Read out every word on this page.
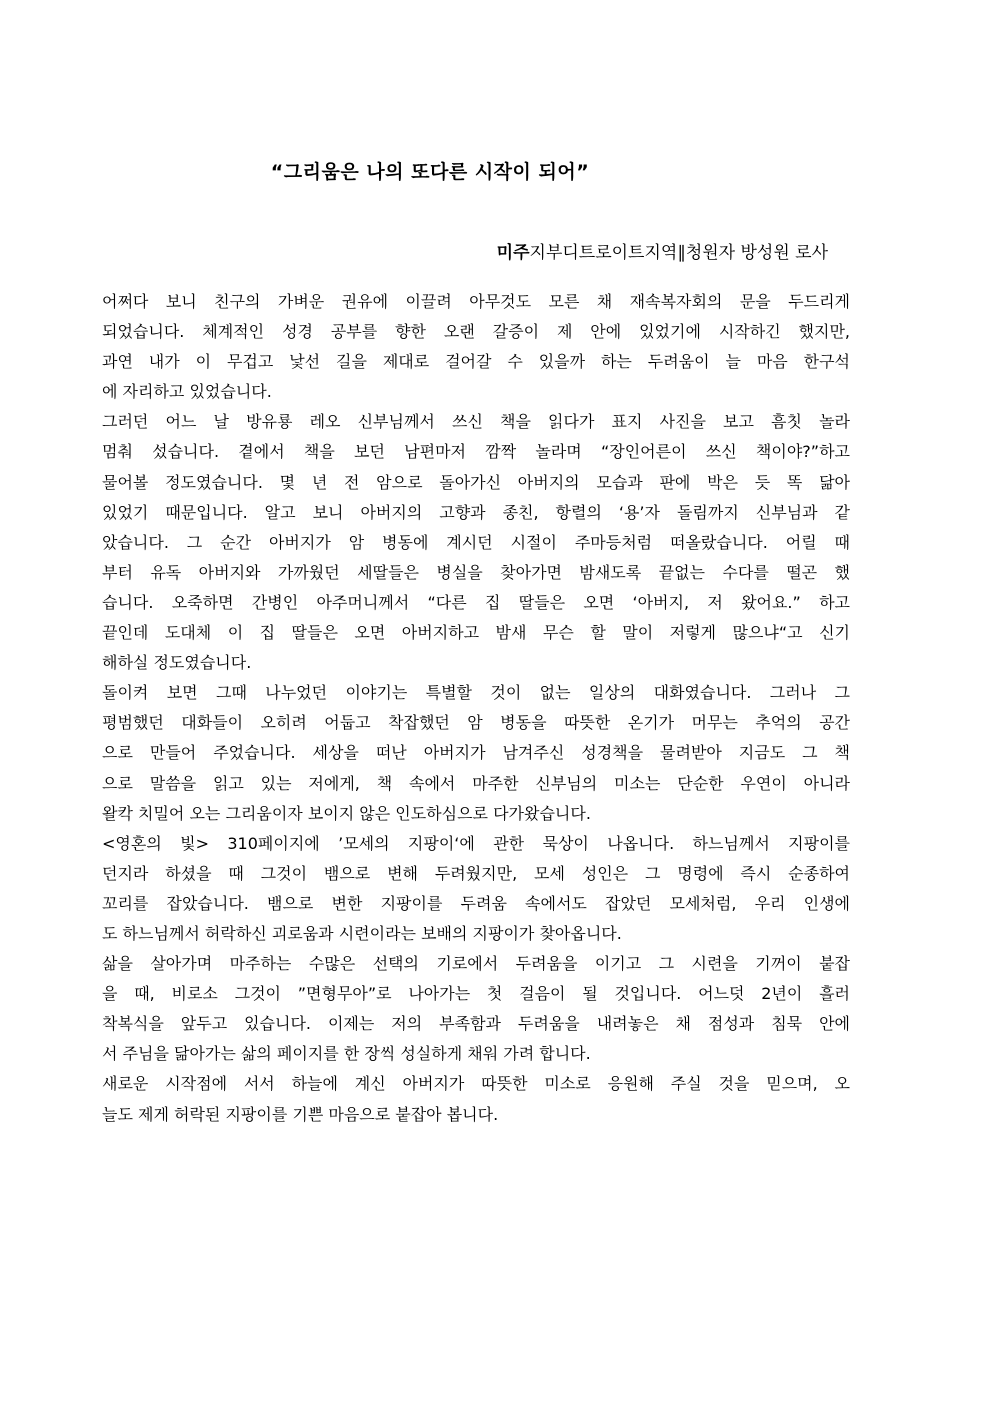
“그리움은 나의 또다른 시작이 되어”

미주지부디트로이트지역∥청원자 방성원 로사

어쩌다 보니 친구의 가벼운 권유에 이끌려 아무것도 모른 채 재속복자회의 문을 두드리게
되었습니다. 체계적인 성경 공부를 향한 오랜 갈증이 제 안에 있었기에 시작하긴 했지만,
과연 내가 이 무겁고 낯선 길을 제대로 걸어갈 수 있을까 하는 두려움이 늘 마음 한구석
에 자리하고 있었습니다.

그러던 어느 날 방유룡 레오 신부님께서 쓰신 책을 읽다가 표지 사진을 보고 흠칫 놀라
멈춰 섰습니다. 곁에서 책을 보던 남편마저 깜짝 놀라며 “장인어른이 쓰신 책이야?”하고
물어볼 정도였습니다. 몇 년 전 암으로 돌아가신 아버지의 모습과 판에 박은 듯 똑 닮아
있었기 때문입니다. 알고 보니 아버지의 고향과 종친, 항렬의 ‘용’자 돌림까지 신부님과 같
았습니다. 그 순간 아버지가 암 병동에 계시던 시절이 주마등처럼 떠올랐습니다. 어릴 때
부터 유독 아버지와 가까웠던 세딸들은 병실을 찾아가면 밤새도록 끝없는 수다를 떨곤 했
습니다. 오죽하면 간병인 아주머니께서 “다른 집 딸들은 오면 ‘아버지, 저 왔어요.” 하고
끝인데 도대체 이 집 딸들은 오면 아버지하고 밤새 무슨 할 말이 저렇게 많으냐“고 신기
해하실 정도였습니다.

돌이켜 보면 그때 나누었던 이야기는 특별할 것이 없는 일상의 대화였습니다. 그러나 그
평범했던 대화들이 오히려 어둡고 착잡했던 암 병동을 따뜻한 온기가 머무는 추억의 공간
으로 만들어 주었습니다. 세상을 떠난 아버지가 남겨주신 성경책을 물려받아 지금도 그 책
으로 말씀을 읽고 있는 저에게, 책 속에서 마주한 신부님의 미소는 단순한 우연이 아니라
왈칵 치밀어 오는 그리움이자 보이지 않은 인도하심으로 다가왔습니다.

<영혼의 빛> 310페이지에 ’모세의 지팡이‘에 관한 묵상이 나옵니다. 하느님께서 지팡이를
던지라 하셨을 때 그것이 뱀으로 변해 두려웠지만, 모세 성인은 그 명령에 즉시 순종하여
꼬리를 잡았습니다. 뱀으로 변한 지팡이를 두려움 속에서도 잡았던 모세처럼, 우리 인생에
도 하느님께서 허락하신 괴로움과 시련이라는 보배의 지팡이가 찾아옵니다.

삶을 살아가며 마주하는 수많은 선택의 기로에서 두려움을 이기고 그 시련을 기꺼이 붙잡
을 때, 비로소 그것이 ”면형무아”로 나아가는 첫 걸음이 될 것입니다. 어느덧 2년이 흘러
착복식을 앞두고 있습니다. 이제는 저의 부족함과 두려움을 내려놓은 채 점성과 침묵 안에
서 주님을 닮아가는 삶의 페이지를 한 장씩 성실하게 채워 가려 합니다.

새로운 시작점에 서서 하늘에 계신 아버지가 따뜻한 미소로 응원해 주실 것을 믿으며, 오
늘도 제게 허락된 지팡이를 기쁜 마음으로 붙잡아 봅니다.
